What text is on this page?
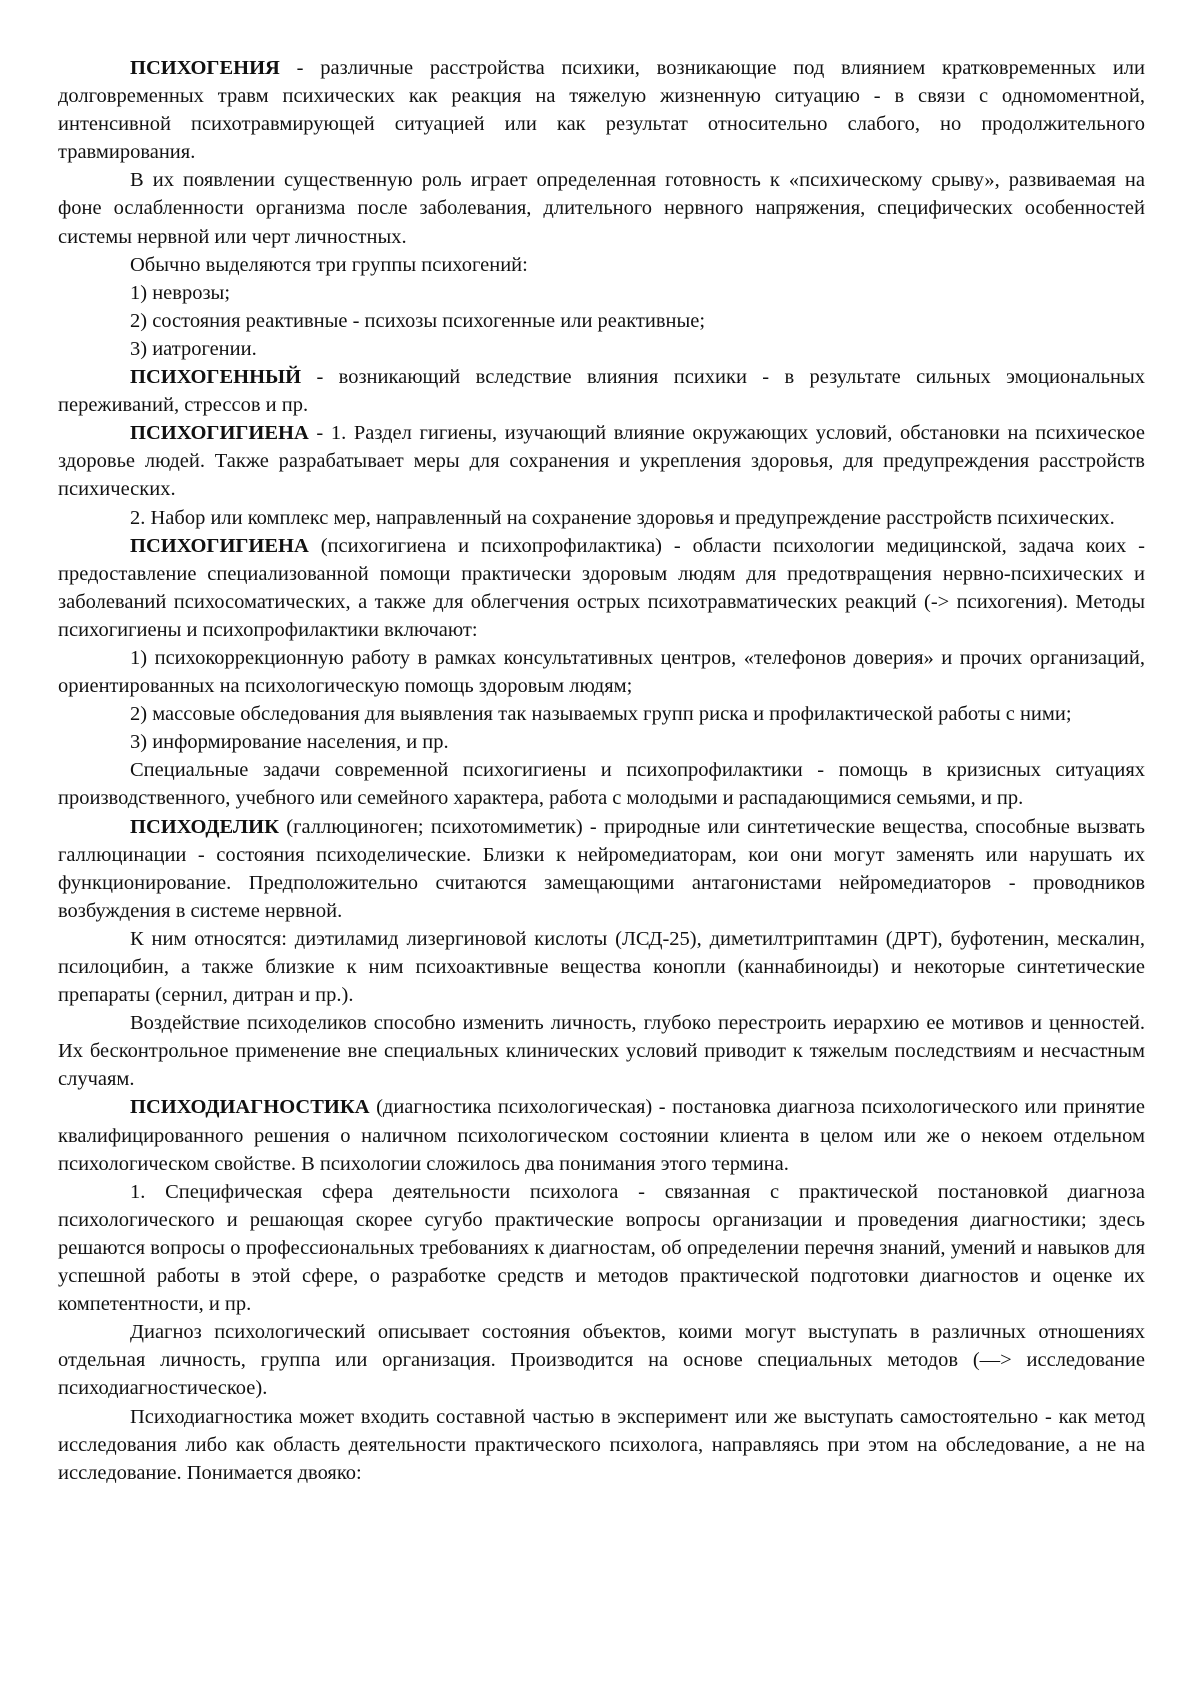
ПСИХОГЕНИЯ - различные расстройства психики, возникающие под влиянием кратковременных или долговременных травм психических как реакция на тяжелую жизненную ситуацию - в связи с одномоментной, интенсивной психотравмирующей ситуацией или как результат относительно слабого, но продолжительного травмирования.

В их появлении существенную роль играет определенная готовность к «психическому срыву», развиваемая на фоне ослабленности организма после заболевания, длительного нервного напряжения, специфических особенностей системы нервной или черт личностных.

Обычно выделяются три группы психогений:

1) неврозы;

2) состояния реактивные - психозы психогенные или реактивные;

3) иатрогении.

ПСИХОГЕННЫЙ - возникающий вследствие влияния психики - в результате сильных эмоциональных переживаний, стрессов и пр.

ПСИХОГИГИЕНА - 1. Раздел гигиены, изучающий влияние окружающих условий, обстановки на психическое здоровье людей. Также разрабатывает меры для сохранения и укрепления здоровья, для предупреждения расстройств психических.

2. Набор или комплекс мер, направленный на сохранение здоровья и предупреждение расстройств психических.

ПСИХОГИГИЕНА (психогигиена и психопрофилактика) - области психологии медицинской, задача коих - предоставление специализованной помощи практически здоровым людям для предотвращения нервно-психических и заболеваний психосоматических, а также для облегчения острых психотравматических реакций (-> психогения). Методы психогигиены и психопрофилактики включают:

1) психокоррекционную работу в рамках консультативных центров, «телефонов доверия» и прочих организаций, ориентированных на психологическую помощь здоровым людям;

2) массовые обследования для выявления так называемых групп риска и профилактической работы с ними;

3) информирование населения, и пр.

Специальные задачи современной психогигиены и психопрофилактики - помощь в кризисных ситуациях производственного, учебного или семейного характера, работа с молодыми и распадающимися семьями, и пр.

ПСИХОДЕЛИК (галлюциноген; психотомиметик) - природные или синтетические вещества, способные вызвать галлюцинации - состояния психоделические. Близки к нейромедиаторам, кои они могут заменять или нарушать их функционирование. Предположительно считаются замещающими антагонистами нейромедиаторов - проводников возбуждения в системе нервной.

К ним относятся: диэтиламид лизергиновой кислоты (ЛСД-25), диметилтриптамин (ДРТ), буфотенин, мескалин, псилоцибин, а также близкие к ним психоактивные вещества конопли (каннабиноиды) и некоторые синтетические препараты (сернил, дитран и пр.).

Воздействие психоделиков способно изменить личность, глубоко перестроить иерархию ее мотивов и ценностей. Их бесконтрольное применение вне специальных клинических условий приводит к тяжелым последствиям и несчастным случаям.

ПСИХОДИАГНОСТИКА (диагностика психологическая) - постановка диагноза психологического или принятие квалифицированного решения о наличном психологическом состоянии клиента в целом или же о некоем отдельном психологическом свойстве. В психологии сложилось два понимания этого термина.

1. Специфическая сфера деятельности психолога - связанная с практической постановкой диагноза психологического и решающая скорее сугубо практические вопросы организации и проведения диагностики; здесь решаются вопросы о профессиональных требованиях к диагностам, об определении перечня знаний, умений и навыков для успешной работы в этой сфере, о разработке средств и методов практической подготовки диагностов и оценке их компетентности, и пр.

Диагноз психологический описывает состояния объектов, коими могут выступать в различных отношениях отдельная личность, группа или организация. Производится на основе специальных методов (—> исследование психодиагностическое).

Психодиагностика может входить составной частью в эксперимент или же выступать самостоятельно - как метод исследования либо как область деятельности практического психолога, направляясь при этом на обследование, а не на исследование. Понимается двояко:
